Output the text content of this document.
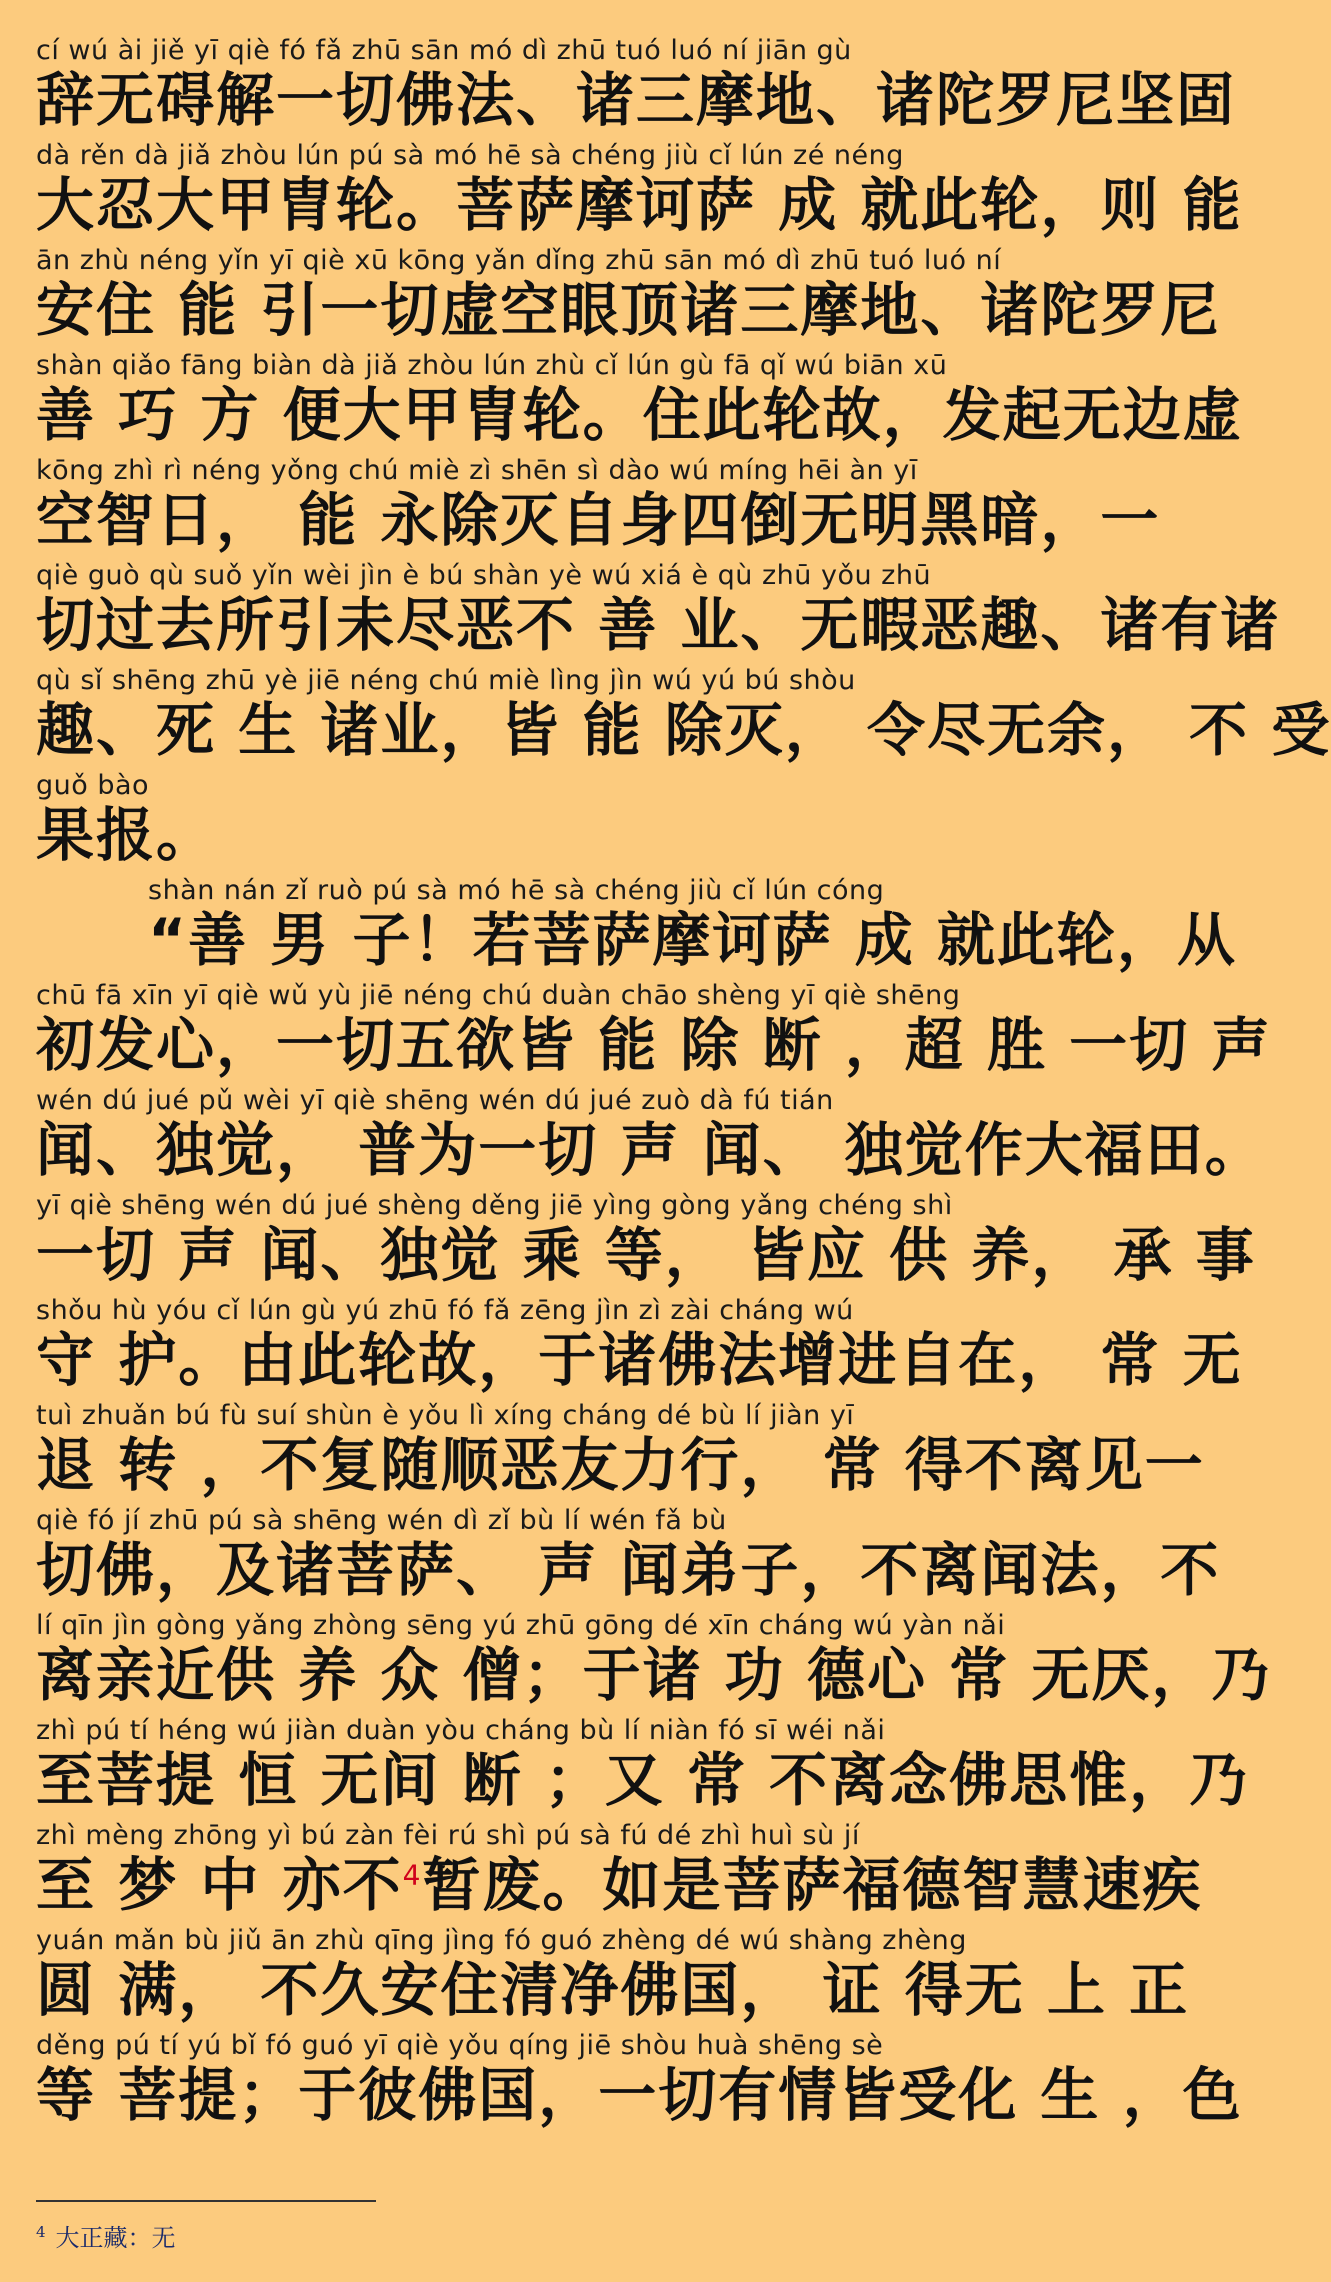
cí wú ài jiě yī qiè fó fǎ zhū sān mó dì zhū tuó luó ní jiān gù
辞无碍解一切佛法、诸三摩地、诸陀罗尼坚固
dà rěn dà jiǎ zhòu lún pú sà mó hē sà chéng jiù cǐ lún zé néng
大忍大甲胄轮。菩萨摩诃萨 成 就此轮，则 能
ān zhù néng yǐn yī qiè xū kōng yǎn dǐng zhū sān mó dì zhū tuó luó ní
安住 能 引一切虚空眼顶诸三摩地、诸陀罗尼
shàn qiǎo fāng biàn dà jiǎ zhòu lún zhù cǐ lún gù fā qǐ wú biān xū
善 巧 方 便大甲胄轮。住此轮故，发起无边虚
kōng zhì rì néng yǒng chú miè zì shēn sì dào wú míng hēi àn yī
空智日， 能 永除灭自身四倒无明黑暗，一
qiè guò qù suǒ yǐn wèi jìn è bú shàn yè wú xiá è qù zhū yǒu zhū
切过去所引未尽恶不 善 业、无暇恶趣、诸有诸
qù sǐ shēng zhū yè jiē néng chú miè lìng jìn wú yú bú shòu
趣、死 生 诸业，皆 能 除灭， 令尽无余， 不 受
guǒ bào
果报。
shàn nán zǐ ruò pú sà mó hē sà chéng jiù cǐ lún cóng
“善 男 子！若菩萨摩诃萨 成 就此轮，从
chū fā xīn yī qiè wǔ yù jiē néng chú duàn chāo shèng yī qiè shēng
初发心，一切五欲皆 能 除 断 ，超 胜 一切 声
wén dú jué pǔ wèi yī qiè shēng wén dú jué zuò dà fú tián
闻、独觉， 普为一切 声 闻、 独觉作大福田。
yī qiè shēng wén dú jué shèng děng jiē yìng gòng yǎng chéng shì
一切 声 闻、独觉 乘 等， 皆应 供 养， 承 事
shǒu hù yóu cǐ lún gù yú zhū fó fǎ zēng jìn zì zài cháng wú
守 护。由此轮故，于诸佛法增进自在， 常 无
tuì zhuǎn bú fù suí shùn è yǒu lì xíng cháng dé bù lí jiàn yī
退 转 ，不复随顺恶友力行， 常 得不离见一
qiè fó jí zhū pú sà shēng wén dì zǐ bù lí wén fǎ bù
切佛，及诸菩萨、 声 闻弟子，不离闻法，不
lí qīn jìn gòng yǎng zhòng sēng yú zhū gōng dé xīn cháng wú yàn nǎi
离亲近供 养 众 僧；于诸 功 德心 常 无厌，乃
zhì pú tí héng wú jiàn duàn yòu cháng bù lí niàn fó sī wéi nǎi
至菩提 恒 无间 断 ；又 常 不离念佛思惟，乃
zhì mèng zhōng yì bú zàn fèi rú shì pú sà fú dé zhì huì sù jí
至 梦 中 亦不$^4$暂废。如是菩萨福德智慧速疾
yuán mǎn bù jiǔ ān zhù qīng jìng fó guó zhèng dé wú shàng zhèng
圆 满， 不久安住清净佛国， 证 得无 上 正
děng pú tí yú bǐ fó guó yī qiè yǒu qíng jiē shòu huà shēng sè
等 菩提；于彼佛国，一切有情皆受化 生 ，色
$^4$ 大正藏：无
